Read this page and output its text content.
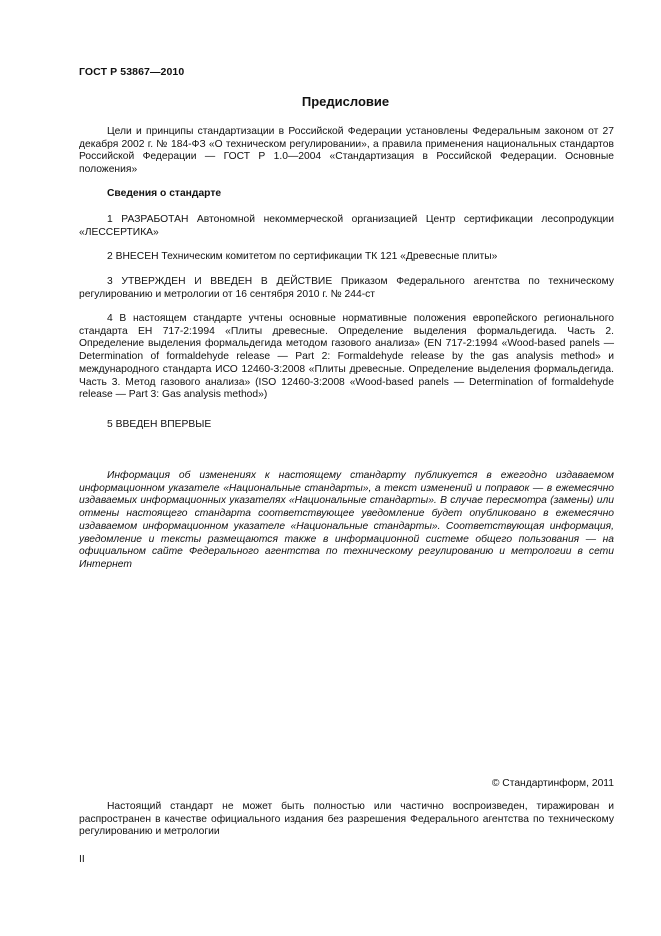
ГОСТ Р 53867—2010
Предисловие
Цели и принципы стандартизации в Российской Федерации установлены Федеральным законом от 27 декабря 2002 г. № 184-ФЗ «О техническом регулировании», а правила применения национальных стандартов Российской Федерации — ГОСТ Р 1.0—2004 «Стандартизация в Российской Федерации. Основные положения»
Сведения о стандарте
1 РАЗРАБОТАН Автономной некоммерческой организацией Центр сертификации лесопродукции «ЛЕССЕРТИКА»
2 ВНЕСЕН Техническим комитетом по сертификации ТК 121 «Древесные плиты»
3 УТВЕРЖДЕН И ВВЕДЕН В ДЕЙСТВИЕ Приказом Федерального агентства по техническому регулированию и метрологии от 16 сентября 2010 г. № 244-ст
4 В настоящем стандарте учтены основные нормативные положения европейского регионального стандарта ЕН 717-2:1994 «Плиты древесные. Определение выделения формальдегида. Часть 2. Определение выделения формальдегида методом газового анализа» (EN 717-2:1994 «Wood-based panels — Determination of formaldehyde release — Part 2: Formaldehyde release by the gas analysis method» и международного стандарта ИСО 12460-3:2008 «Плиты древесные. Определение выделения формальдегида. Часть 3. Метод газового анализа» (ISO 12460-3:2008 «Wood-based panels — Determination of formaldehyde release — Part 3: Gas analysis method»)
5 ВВЕДЕН ВПЕРВЫЕ
Информация об изменениях к настоящему стандарту публикуется в ежегодно издаваемом информационном указателе «Национальные стандарты», а текст изменений и поправок — в ежемесячно издаваемых информационных указателях «Национальные стандарты». В случае пересмотра (замены) или отмены настоящего стандарта соответствующее уведомление будет опубликовано в ежемесячно издаваемом информационном указателе «Национальные стандарты». Соответствующая информация, уведомление и тексты размещаются также в информационной системе общего пользования — на официальном сайте Федерального агентства по техническому регулированию и метрологии в сети Интернет
© Стандартинформ, 2011
Настоящий стандарт не может быть полностью или частично воспроизведен, тиражирован и распространен в качестве официального издания без разрешения Федерального агентства по техническому регулированию и метрологии
II
